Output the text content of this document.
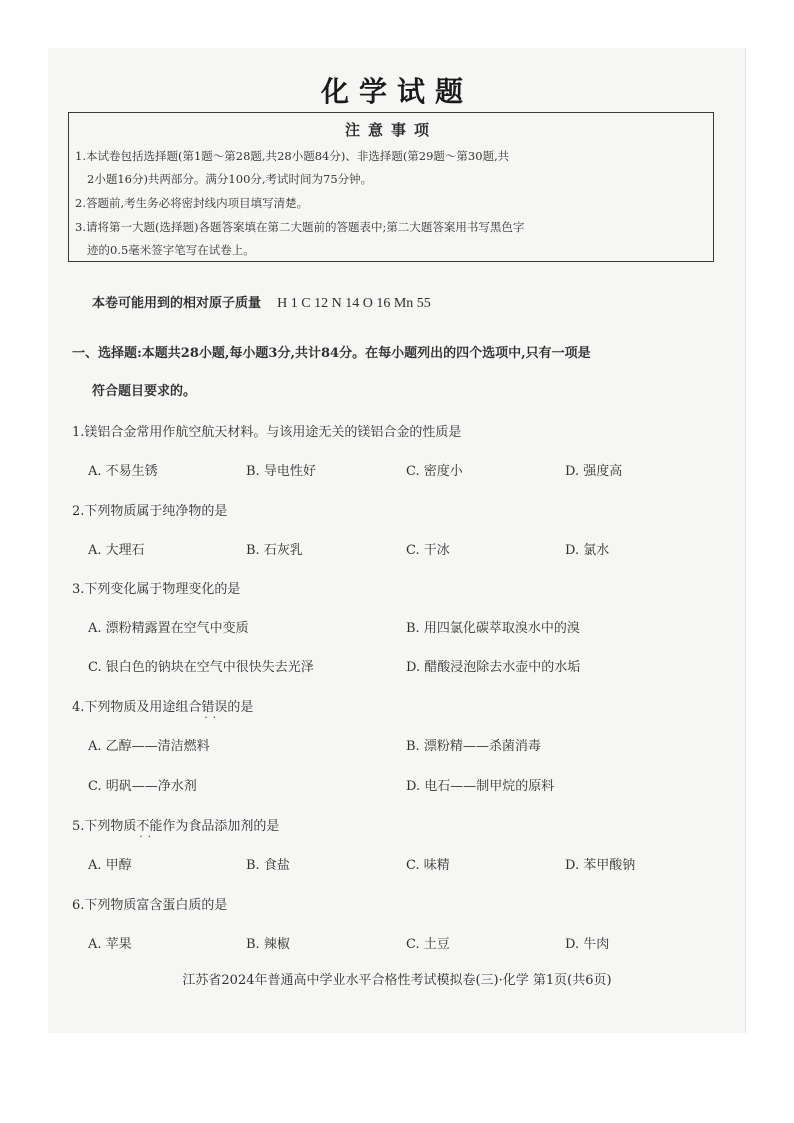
化学试题
注意事项
1.本试卷包括选择题(第1题～第28题,共28小题84分)、非选择题(第29题～第30题,共
2小题16分)共两部分。满分100分,考试时间为75分钟。
2.答题前,考生务必将密封线内项目填写清楚。
3.请将第一大题(选择题)各题答案填在第二大题前的答题表中;第二大题答案用书写黑色字
迹的0.5毫米签字笔写在试卷上。
本卷可能用到的相对原子质量 H 1 C 12 N 14 O 16 Mn 55
一、选择题:本题共28小题,每小题3分,共计84分。在每小题列出的四个选项中,只有一项是
符合题目要求的。
1.镁铝合金常用作航空航天材料。与该用途无关的镁铝合金的性质是
A. 不易生锈	B. 导电性好	C. 密度小	D. 强度高
2.下列物质属于纯净物的是
A. 大理石	B. 石灰乳	C. 干冰	D. 氯水
3.下列变化属于物理变化的是
A. 漂粉精露置在空气中变质	B. 用四氯化碳萃取溴水中的溴
C. 银白色的钠块在空气中很快失去光泽	D. 醋酸浸泡除去水壶中的水垢
4.下列物质及用途组合错误 · ·的是
A. 乙醇——清洁燃料	B. 漂粉精——杀菌消毒
C. 明矾——净水剂	D. 电石——制甲烷的原料
5.下列物质不能 · ·作为食品添加剂的是
A. 甲醇	B. 食盐	C. 味精	D. 苯甲酸钠
6.下列物质富含蛋白质的是
A. 苹果	B. 辣椒	C. 土豆	D. 牛肉
江苏省2024年普通高中学业水平合格性考试模拟卷(三)·化学 第1页(共6页)
